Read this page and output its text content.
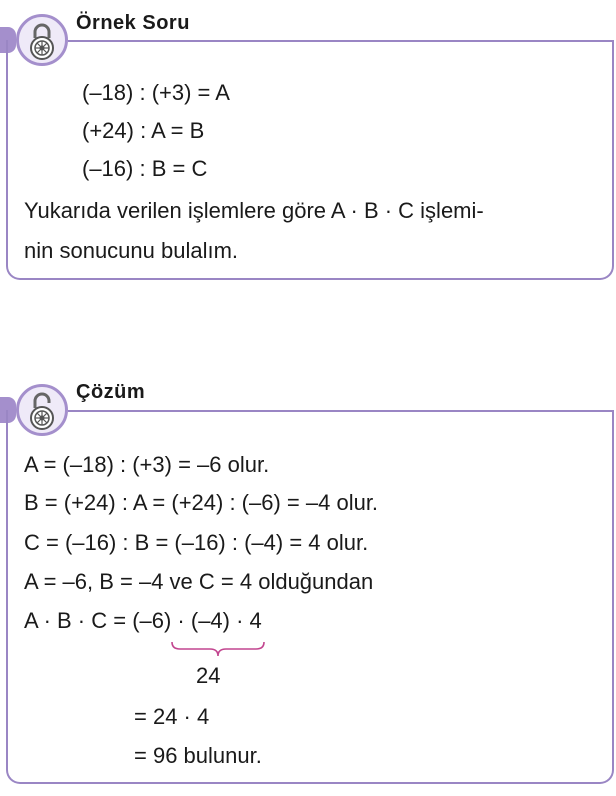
Örnek Soru
(–18) : (+3) = A
(+24) : A = B
(–16) : B = C
Yukarıda verilen işlemlere göre A · B · C işlemi-
nin sonucunu bulalım.
Çözüm
A = (–18) : (+3) = –6 olur.
B = (+24) : A = (+24) : (–6) = –4 olur.
C = (–16) : B = (–16) : (–4) = 4 olur.
A = –6, B = –4 ve C = 4 olduğundan
A · B · C = (–6) · (–4) · 4
24
= 24 · 4
= 96 bulunur.
